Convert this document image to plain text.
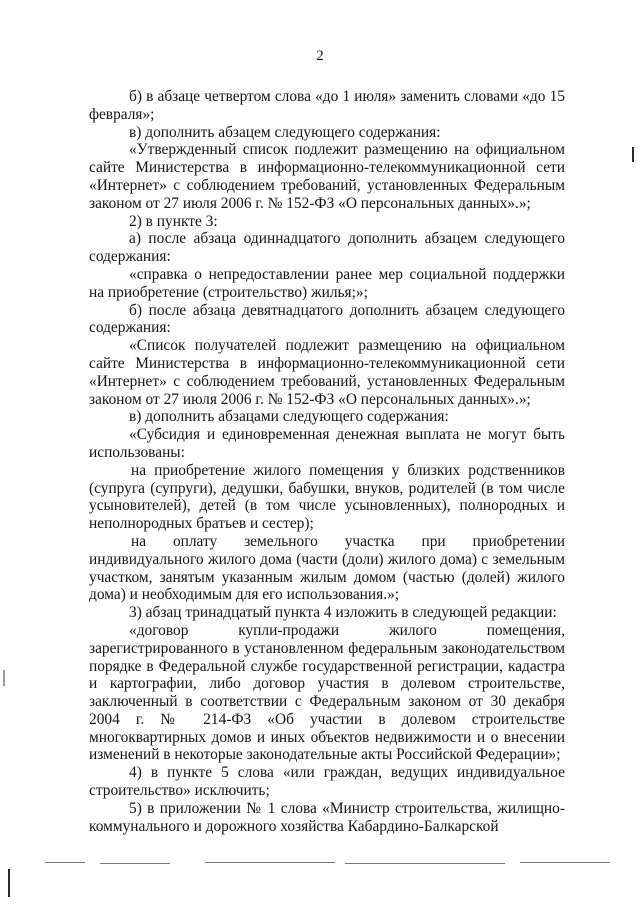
2

б) в абзаце четвертом слова «до 1 июля» заменить словами «до 15 февраля»;

в) дополнить абзацем следующего содержания:

«Утвержденный список подлежит размещению на официальном сайте Министерства в информационно-телекоммуникационной сети «Интернет» с соблюдением требований, установленных Федеральным законом от 27 июля 2006 г. № 152-ФЗ «О персональных данных».»;

2) в пункте 3:

а) после абзаца одиннадцатого дополнить абзацем следующего содержания:

«справка о непредоставлении ранее мер социальной поддержки на приобретение (строительство) жилья;»;

б) после абзаца девятнадцатого дополнить абзацем следующего содержания:

«Список получателей подлежит размещению на официальном сайте Министерства в информационно-телекоммуникационной сети «Интернет» с соблюдением требований, установленных Федеральным законом от 27 июля 2006 г. № 152-ФЗ «О персональных данных».»;

в) дополнить абзацами следующего содержания:

«Субсидия и единовременная денежная выплата не могут быть использованы:

на приобретение жилого помещения у близких родственников (супруга (супруги), дедушки, бабушки, внуков, родителей (в том числе усыновителей), детей (в том числе усыновленных), полнородных и неполнородных братьев и сестер);

на оплату земельного участка при приобретении индивидуального жилого дома (части (доли) жилого дома) с земельным участком, занятым указанным жилым домом (частью (долей) жилого дома) и необходимым для его использования.»;

3) абзац тринадцатый пункта 4 изложить в следующей редакции:

«договор купли-продажи жилого помещения, зарегистрированного в установленном федеральным законодательством порядке в Федеральной службе государственной регистрации, кадастра и картографии, либо договор участия в долевом строительстве, заключенный в соответствии с Федеральным законом от 30 декабря 2004 г. № 214-ФЗ «Об участии в долевом строительстве многоквартирных домов и иных объектов недвижимости и о внесении изменений в некоторые законодательные акты Российской Федерации»;

4) в пункте 5 слова «или граждан, ведущих индивидуальное строительство» исключить;

5) в приложении № 1 слова «Министр строительства, жилищно-коммунального и дорожного хозяйства Кабардино-Балкарской
